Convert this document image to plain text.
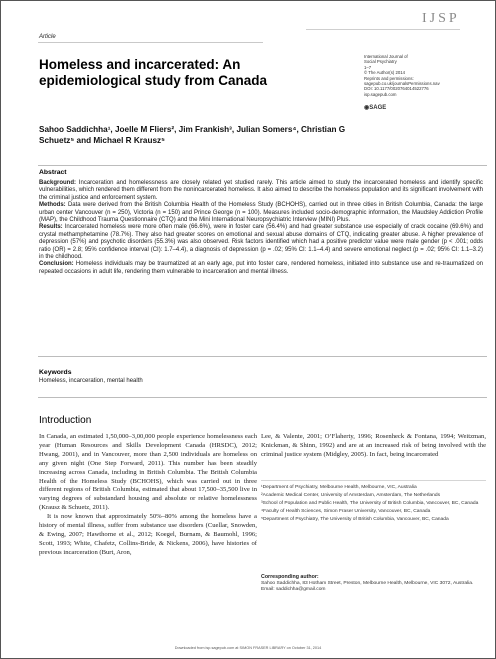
Article
IJSP
Homeless and incarcerated: An epidemiological study from Canada
International Journal of
Social Psychiatry
1–7
© The Author(s) 2014
Reprints and permissions:
sagepub.co.uk/journalsPermissions.nav
DOI: 10.1177/0020764014522776
isp.sagepub.com
◉SAGE
Sahoo Saddichha¹, Joelle M Fliers², Jim Frankish³, Julian Somers⁴, Christian G Schuetz⁵ and Michael R Krausz⁵
Abstract

Background: Incarceration and homelessness are closely related yet studied rarely. This article aimed to study the incarcerated homeless and identify specific vulnerabilities, which rendered them different from the nonincarcerated homeless. It also aimed to describe the homeless population and its significant involvement with the criminal justice and enforcement system.

Methods: Data were derived from the British Columbia Health of the Homeless Study (BCHOHS), carried out in three cities in British Columbia, Canada: the large urban center Vancouver (n = 250), Victoria (n = 150) and Prince George (n = 100). Measures included socio-demographic information, the Maudsley Addiction Profile (MAP), the Childhood Trauma Questionnaire (CTQ) and the Mini International Neuropsychiatric Interview (MINI) Plus.

Results: Incarcerated homeless were more often male (66.6%), were in foster care (56.4%) and had greater substance use especially of crack cocaine (69.6%) and crystal methamphetamine (78.7%). They also had greater scores on emotional and sexual abuse domains of CTQ, indicating greater abuse. A higher prevalence of depression (57%) and psychotic disorders (55.3%) was also observed. Risk factors identified which had a positive predictor value were male gender (p < .001; odds ratio (OR) = 2.8; 95% confidence interval (CI): 1.7–4.4), a diagnosis of depression (p = .02; 95% CI: 1.1–4.4) and severe emotional neglect (p = .02; 95% CI: 1.1–3.2) in the childhood.

Conclusion: Homeless individuals may be traumatized at an early age, put into foster care, rendered homeless, initiated into substance use and re-traumatized on repeated occasions in adult life, rendering them vulnerable to incarceration and mental illness.

Keywords
Homeless, incarceration, mental health
Introduction

In Canada, an estimated 1,50,000–3,00,000 people experience homelessness each year (Human Resources and Skills Development Canada (HRSDC), 2012; Hwang, 2001), and in Vancouver, more than 2,500 individuals are homeless on any given night (One Step Forward, 2011). This number has been steadily increasing across Canada, including in British Columbia. The British Columbia Health of the Homeless Study (BCHOHS), which was carried out in three different regions of British Columbia, estimated that about 17,500–35,500 live in varying degrees of substandard housing and absolute or relative homelessness (Krausz & Schuetz, 2011).

It is now known that approximately 50%–80% among the homeless have a history of mental illness, suffer from substance use disorders (Cuellar, Snowden, & Ewing, 2007; Hawthorne et al., 2012; Koegel, Burnam, & Baumohl, 1996; Scott, 1993; White, Chafetz, Collins-Bride, & Nickens, 2006), have histories of previous incarceration (Burt, Aron,

Lee, & Valente, 2001; O’Flaherty, 1996; Rosenheck & Fontana, 1994; Weitzman, Knickman, & Shinn, 1992) and are at an increased risk of being involved with the criminal justice system (Midgley, 2005). In fact, being incarcerated
¹Department of Psychiatry, Melbourne Health, Melbourne, VIC, Australia
²Academic Medical Center, University of Amsterdam, Amsterdam, The Netherlands
³School of Population and Public Health, The University of British Columbia, Vancouver, BC, Canada
⁴Faculty of Health Sciences, Simon Fraser University, Vancouver, BC, Canada
⁵Department of Psychiatry, The University of British Columbia, Vancouver, BC, Canada
Corresponding author:
Sahoo Saddichha, 83 Hotham Street, Preston, Melbourne Health, Melbourne, VIC 3072, Australia.
Email: saddichha@gmail.com
Downloaded from isp.sagepub.com at SIMON FRASER LIBRARY on October 31, 2014
